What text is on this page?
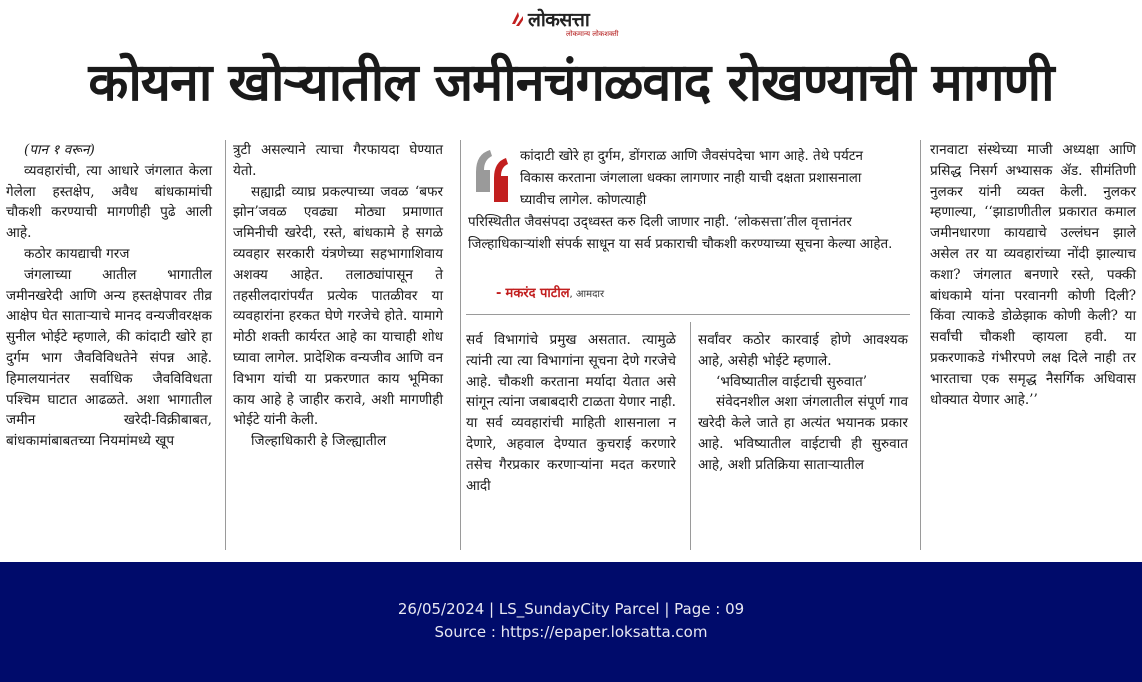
लोकसत्ता
लोकमान्य लोकशक्ती
कोयना खोऱ्यातील जमीनचंगळवाद रोखण्याची मागणी

(पान १ वरून)

व्यवहारांची, त्या आधारे जंगलात केला गेलेला हस्तक्षेप, अवैध बांधकामांची चौकशी करण्याची मागणीही पुढे आली आहे.

कठोर कायद्याची गरज

जंगलाच्या आतील भागातील जमीनखरेदी आणि अन्य हस्तक्षेपावर तीव्र आक्षेप घेत साताऱ्याचे मानद वन्यजीवरक्षक सुनील भोईटे म्हणाले, की कांदाटी खोरे हा दुर्गम भाग जैवविविधतेने संपन्न आहे. हिमालयानंतर सर्वाधिक जैवविविधता पश्चिम घाटात आढळते. अशा भागातील जमीन खरेदी-विक्रीबाबत, बांधकामांबाबतच्या नियमांमध्ये खूप

त्रुटी असल्याने त्याचा गैरफायदा घेण्यात येतो.

सह्याद्री व्याघ्र प्रकल्पाच्या जवळ ‘बफर झोन’जवळ एवढ्या मोठ्या प्रमाणात जमिनीची खरेदी, रस्ते, बांधकामे हे सगळे व्यवहार सरकारी यंत्रणेच्या सहभागाशिवाय अशक्य आहेत. तलाठ्यांपासून ते तहसीलदारांपर्यंत प्रत्येक पातळीवर या व्यवहारांना हरकत घेणे गरजेचे होते. यामागे मोठी शक्ती कार्यरत आहे का याचाही शोध घ्यावा लागेल. प्रादेशिक वन्यजीव आणि वन विभाग यांची या प्रकरणात काय भूमिका काय आहे हे जाहीर करावे, अशी मागणीही भोईटे यांनी केली.

जिल्हाधिकारी हे जिल्ह्यातील

कांदाटी खोरे हा दुर्गम, डोंगराळ आणि जैवसंपदेचा भाग आहे. तेथे पर्यटन विकास करताना जंगलाला धक्का लागणार नाही याची दक्षता प्रशासनाला घ्यावीच लागेल. कोणत्याही
परिस्थितीत जैवसंपदा उद्ध्वस्त करु दिली जाणार नाही. ‘लोकसत्ता’तील वृत्तानंतर जिल्हाधिकाऱ्यांशी संपर्क साधून या सर्व प्रकाराची चौकशी करण्याच्या सूचना केल्या आहेत.
- मकरंद पाटील, आमदार

सर्व विभागांचे प्रमुख असतात. त्यामुळे त्यांनी त्या त्या विभागांना सूचना देणे गरजेचे आहे. चौकशी करताना मर्यादा येतात असे सांगून त्यांना जबाबदारी टाळता येणार नाही. या सर्व व्यवहारांची माहिती शासनाला न देणारे, अहवाल देण्यात कुचराई करणारे तसेच गैरप्रकार करणाऱ्यांना मदत करणारे आदी

सर्वांवर कठोर कारवाई होणे आवश्यक आहे, असेही भोईटे म्हणाले.

‘भविष्यातील वाईटाची सुरुवात’

संवेदनशील अशा जंगलातील संपूर्ण गाव खरेदी केले जाते हा अत्यंत भयानक प्रकार आहे. भविष्यातील वाईटाची ही सुरुवात आहे, अशी प्रतिक्रिया साताऱ्यातील

रानवाटा संस्थेच्या माजी अध्यक्षा आणि प्रसिद्ध निसर्ग अभ्यासक ॲड. सीमंतिणी नुलकर यांनी व्यक्त केली. नुलकर म्हणाल्या, ‘‘झाडाणीतील प्रकारात कमाल जमीनधारणा कायद्याचे उल्लंघन झाले असेल तर या व्यवहारांच्या नोंदी झाल्याच कशा? जंगलात बनणारे रस्ते, पक्की बांधकामे यांना परवानगी कोणी दिली? किंवा त्याकडे डोळेझाक कोणी केली? या सर्वांची चौकशी व्हायला हवी. या प्रकरणाकडे गंभीरपणे लक्ष दिले नाही तर भारताचा एक समृद्ध नैसर्गिक अधिवास धोक्यात येणार आहे.’’

26/05/2024 | LS_SundayCity Parcel | Page : 09
Source : https://epaper.loksatta.com
